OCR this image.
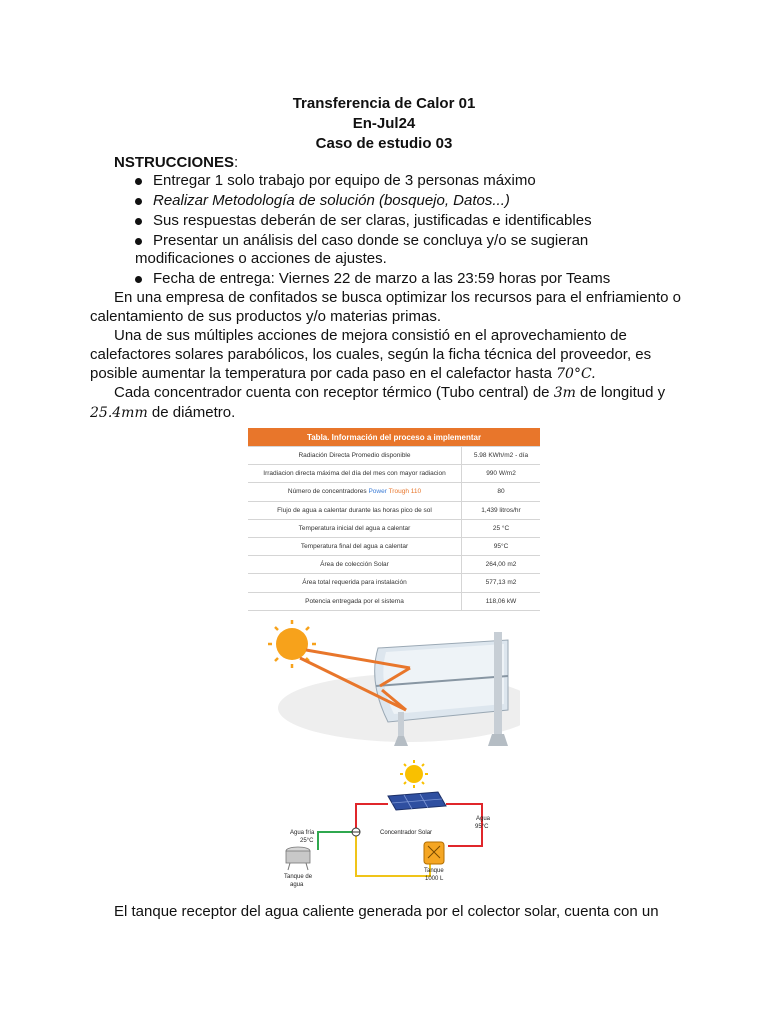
Transferencia de Calor 01
En-Jul24
Caso de estudio 03
NSTRUCCIONES:
Entregar 1 solo trabajo por equipo de 3 personas máximo
Realizar Metodología de solución (bosquejo, Datos...)
Sus respuestas deberán de ser claras, justificadas e identificables
Presentar un análisis del caso donde se concluya y/o se sugieran
modificaciones o acciones de ajustes.
Fecha de entrega: Viernes 22 de marzo a las 23:59 horas por Teams
En una empresa de confitados se busca optimizar los recursos para el enfriamiento o
calentamiento de sus productos y/o materias primas.
Una de sus múltiples acciones de mejora consistió en el aprovechamiento de
calefactores solares parabólicos, los cuales, según la ficha técnica del proveedor, es
posible aumentar la temperatura por cada paso en el calefactor hasta 70°C.
Cada concentrador cuenta con receptor térmico (Tubo central) de 3m de longitud y
25.4mm de diámetro.
Tabla. Información del proceso a implementar	
Radiación Directa Promedio disponible	5.98 KWh/m2 - día
Irradiacion directa máxima del día del mes con mayor radiacion	990 W/m2
Número de concentradores Power Trough 110	80
Flujo de agua a calentar durante las horas pico de sol	1,439 litros/hr
Temperatura inicial del agua a calentar	25 °C
Temperatura final del agua a calentar	95°C
Área de colección Solar	264,00 m2
Área total requerida para instalación	577,13 m2
Potencia entregada por el sistema	118,06 kW
Agua fría
25°C
Concentrador Solar
Agua
95°C
Tanque de
agua
Tanque
1000 L
El tanque receptor del agua caliente generada por el colector solar, cuenta con un
